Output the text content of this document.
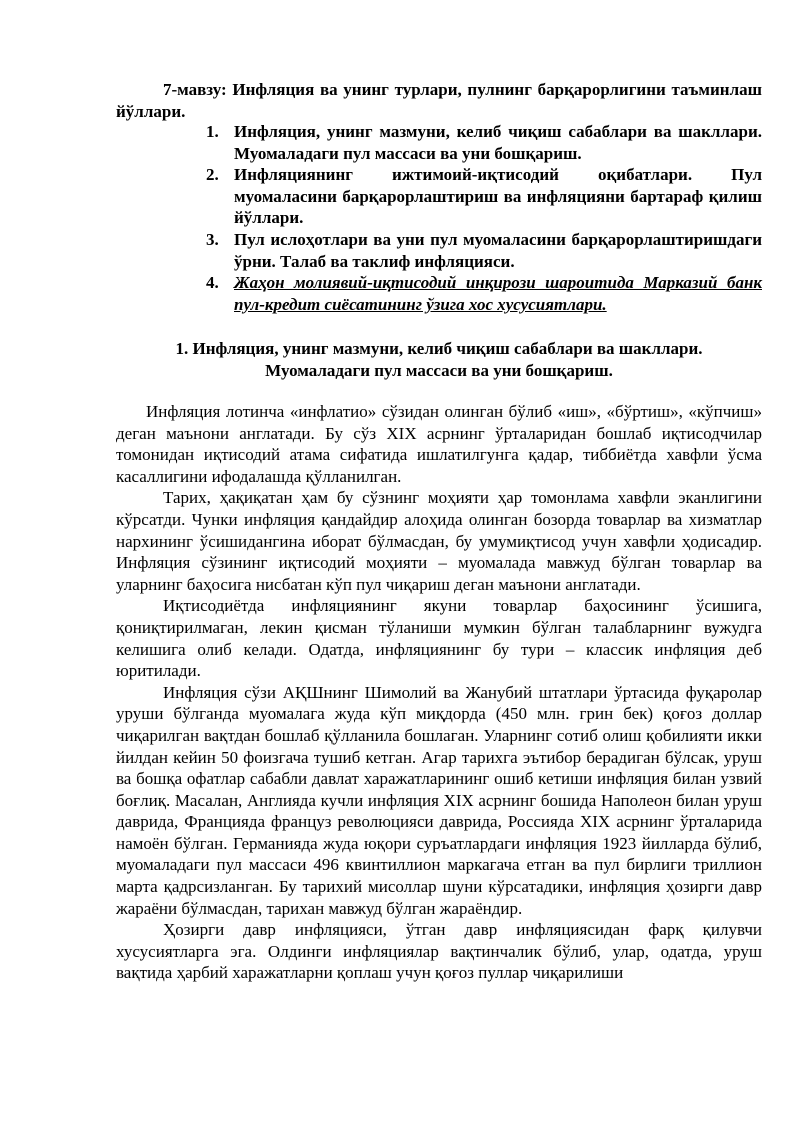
7-мавзу: Инфляция ва унинг турлари, пулнинг барқарорлигини таъминлаш йўллари.
1. Инфляция, унинг мазмуни, келиб чиқиш сабаблари ва шакллари. Муомаладаги пул массаси ва уни бошқариш.
2. Инфляциянинг ижтимоий-иқтисодий оқибатлари. Пул муомаласини барқарорлаштириш ва инфляцияни бартараф қилиш йўллари.
3. Пул ислоҳотлари ва уни пул муомаласини барқарорлаштиришдаги ўрни. Талаб ва таклиф инфляцияси.
4. Жаҳон молиявий-иқтисодий инқирози шароитида Марказий банк пул-кредит сиёсатининг ўзига хос хусусиятлари.
1. Инфляция, унинг мазмуни, келиб чиқиш сабаблари ва шакллари.
Муомаладаги пул массаси ва уни бошқариш.

Инфляция лотинча «инфлатио» сўзидан олинган бўлиб «иш», «бўртиш», «кўпчиш» деган маънони англатади. Бу сўз XIX асрнинг ўрталаридан бошлаб иқтисодчилар томонидан иқтисодий атама сифатида ишлатилгунга қадар, тиббиётда хавфли ўсма касаллигини ифодалашда қўлланилган.

Тарих, ҳақиқатан ҳам бу сўзнинг моҳияти ҳар томонлама хавфли эканлигини кўрсатди. Чунки инфляция қандайдир алоҳида олинган бозорда товарлар ва хизматлар нархининг ўсишидангина иборат бўлмасдан, бу умумиқтисод учун хавфли ҳодисадир. Инфляция сўзининг иқтисодий моҳияти – муомалада мавжуд бўлган товарлар ва уларнинг баҳосига нисбатан кўп пул чиқариш деган маънони англатади.

Иқтисодиётда инфляциянинг якуни товарлар баҳосининг ўсишига, қониқтирилмаган, лекин қисман тўланиши мумкин бўлган талабларнинг вужудга келишига олиб келади. Одатда, инфляциянинг бу тури – классик инфляция деб юритилади.

Инфляция сўзи АҚШнинг Шимолий ва Жанубий штатлари ўртасида фуқаролар уруши бўлганда муомалага жуда кўп миқдорда (450 млн. грин бек) қоғоз доллар чиқарилган вақтдан бошлаб қўлланила бошлаган. Уларнинг сотиб олиш қобилияти икки йилдан кейин 50 фоизгача тушиб кетган. Агар тарихга эътибор берадиган бўлсак, уруш ва бошқа офатлар сабабли давлат харажатларининг ошиб кетиши инфляция билан узвий боғлиқ. Масалан, Англияда кучли инфляция XIX асрнинг бошида Наполеон билан уруш даврида, Францияда француз революцияси даврида, Россияда XIX асрнинг ўрталарида намоён бўлган. Германияда жуда юқори суръатлардаги инфляция 1923 йилларда бўлиб, муомаладаги пул массаси 496 квинтиллион маркагача етган ва пул бирлиги триллион марта қадрсизланган. Бу тарихий мисоллар шуни кўрсатадики, инфляция ҳозирги давр жараёни бўлмасдан, тарихан мавжуд бўлган жараёндир.

Ҳозирги давр инфляцияси, ўтган давр инфляциясидан фарқ қилувчи хусусиятларга эга. Олдинги инфляциялар вақтинчалик бўлиб, улар, одатда, уруш вақтида ҳарбий харажатларни қоплаш учун қоғоз пуллар чиқарилиши
